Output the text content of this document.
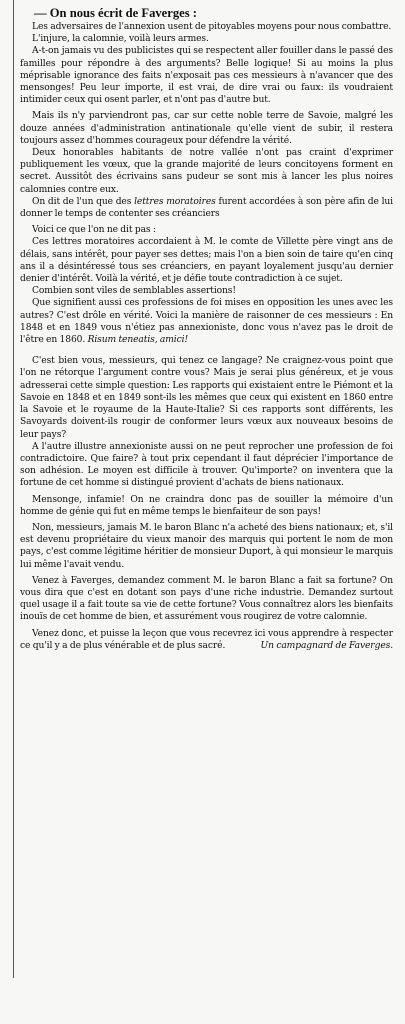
— On nous écrit de Faverges :

Les adversaires de l'annexion usent de pitoyables moyens pour nous combattre.

L'injure, la calomnie, voilà leurs armes.

A-t-on jamais vu des publicistes qui se respectent aller fouiller dans le passé des familles pour répondre à des arguments? Belle logique! Si au moins la plus méprisable ignorance des faits n'exposait pas ces messieurs à n'avancer que des mensonges! Peu leur importe, il est vrai, de dire vrai ou faux: ils voudraient intimider ceux qui osent parler, et n'ont pas d'autre but.

Mais ils n'y parviendront pas, car sur cette noble terre de Savoie, malgré les douze années d'administration antinationale qu'elle vient de subir, il restera toujours assez d'hommes courageux pour défendre la vérité.

Deux honorables habitants de notre vallée n'ont pas craint d'exprimer publiquement les vœux, que la grande majorité de leurs concitoyens forment en secret. Aussitôt des écrivains sans pudeur se sont mis à lancer les plus noires calomnies contre eux.

On dit de l'un que des lettres moratoires furent accordées à son père afin de lui donner le temps de contenter ses créanciers

Voici ce que l'on ne dit pas :

Ces lettres moratoires accordaient à M. le comte de Villette père vingt ans de délais, sans intérêt, pour payer ses dettes; mais l'on a bien soin de taire qu'en cinq ans il a désintéressé tous ses créanciers, en payant loyalement jusqu'au dernier denier d'intérêt. Voilà la vérité, et je défie toute contradiction à ce sujet.

Combien sont viles de semblables assertions!

Que signifient aussi ces professions de foi mises en opposition les unes avec les autres? C'est drôle en vérité. Voici la manière de raisonner de ces messieurs : En 1848 et en 1849 vous n'étiez pas annexioniste, donc vous n'avez pas le droit de l'être en 1860. Risum teneatis, amici!

C'est bien vous, messieurs, qui tenez ce langage? Ne craignez-vous point que l'on ne rétorque l'argument contre vous? Mais je serai plus généreux, et je vous adresserai cette simple question: Les rapports qui existaient entre le Piémont et la Savoie en 1848 et en 1849 sont-ils les mêmes que ceux qui existent en 1860 entre la Savoie et le royaume de la Haute-Italie? Si ces rapports sont différents, les Savoyards doivent-ils rougir de conformer leurs vœux aux nouveaux besoins de leur pays?

A l'autre illustre annexioniste aussi on ne peut reprocher une profession de foi contradictoire. Que faire? à tout prix cependant il faut déprécier l'importance de son adhésion. Le moyen est difficile à trouver. Qu'importe? on inventera que la fortune de cet homme si distingué provient d'achats de biens nationaux.

Mensonge, infamie! On ne craindra donc pas de souiller la mémoire d'un homme de génie qui fut en même temps le bienfaiteur de son pays!

Non, messieurs, jamais M. le baron Blanc n'a acheté des biens nationaux; et, s'il est devenu propriétaire du vieux manoir des marquis qui portent le nom de mon pays, c'est comme légitime héritier de monsieur Duport, à qui monsieur le marquis lui même l'avait vendu.

Venez à Faverges, demandez comment M. le baron Blanc a fait sa fortune? On vous dira que c'est en dotant son pays d'une riche industrie. Demandez surtout quel usage il a fait toute sa vie de cette fortune? Vous connaîtrez alors les bienfaits inouïs de cet homme de bien, et assurément vous rougirez de votre calomnie.

Venez donc, et puisse la leçon que vous recevrez ici vous apprendre à respecter ce qu'il y a de plus vénérable et de plus sacré.	Un campagnard de Faverges.
